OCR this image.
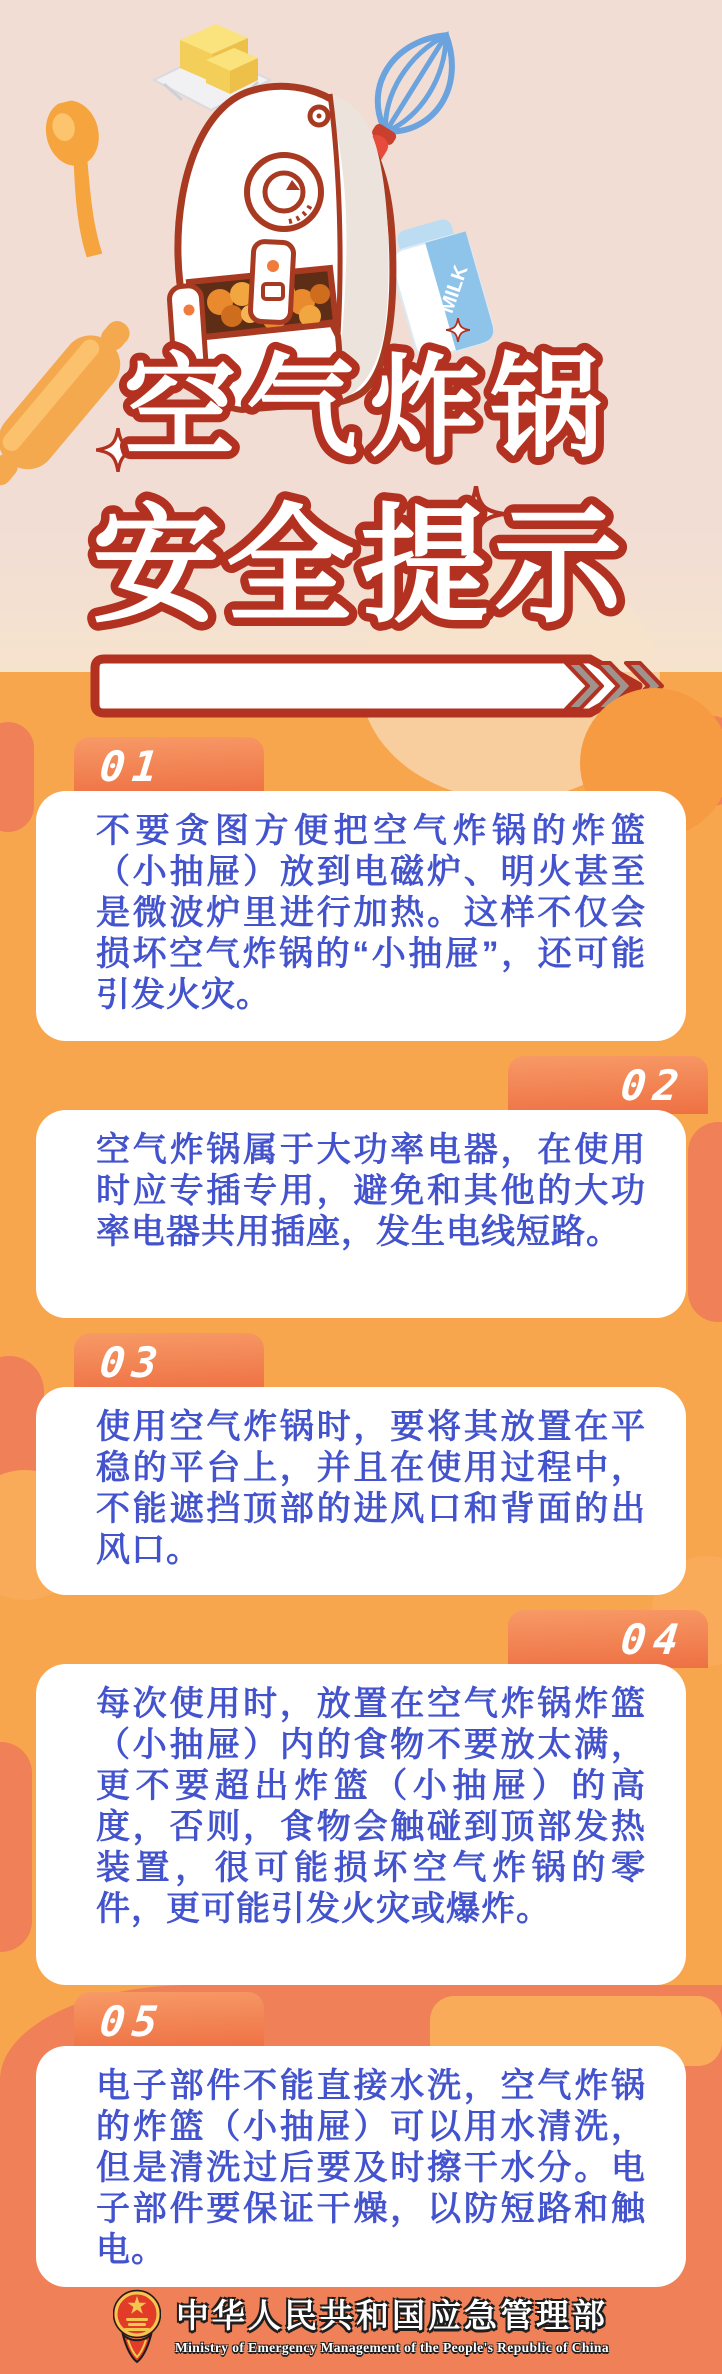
MILK
空气炸锅
安全提示
01
不要贪图方便把空气炸锅的炸篮（小抽屉）放到电磁炉、明火甚至是微波炉里进行加热。这样不仅会损坏空气炸锅的“小抽屉”，还可能引发火灾。
02
空气炸锅属于大功率电器，在使用时应专插专用，避免和其他的大功率电器共用插座，发生电线短路。
03
使用空气炸锅时，要将其放置在平稳的平台上，并且在使用过程中，不能遮挡顶部的进风口和背面的出风口。
04
每次使用时，放置在空气炸锅炸篮（小抽屉）内的食物不要放太满，更不要超出炸篮（小抽屉）的高度，否则，食物会触碰到顶部发热装置，很可能损坏空气炸锅的零件，更可能引发火灾或爆炸。
05
电子部件不能直接水洗，空气炸锅的炸篮（小抽屉）可以用水清洗，但是清洗过后要及时擦干水分。电子部件要保证干燥，以防短路和触电。
中华人民共和国应急管理部
Ministry of Emergency Management of the People's Republic of China
